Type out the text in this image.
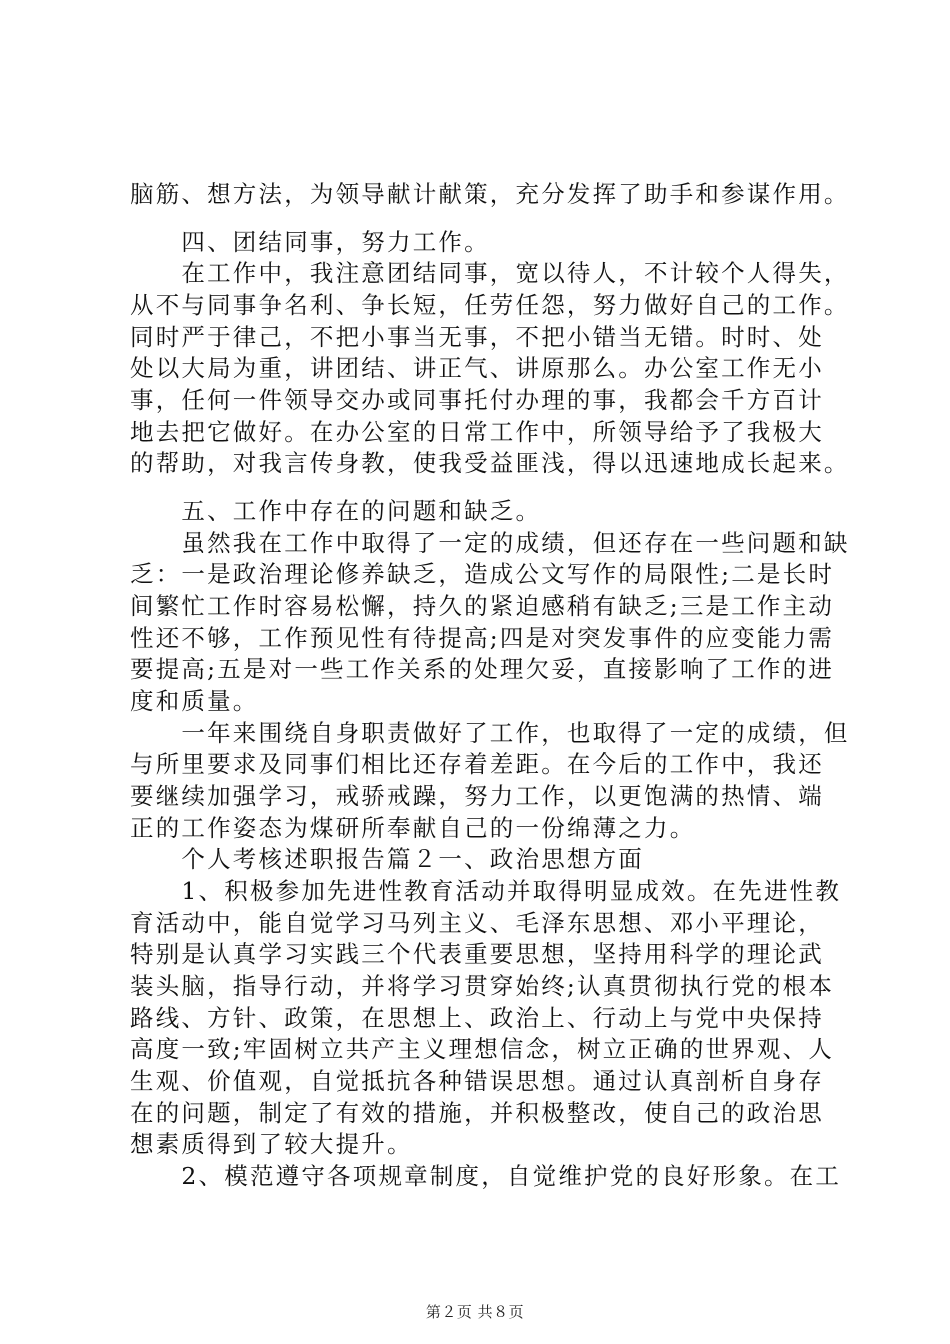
脑筋、想方法，为领导献计献策，充分发挥了助手和参谋作用。
　　四、团结同事，努力工作。
　　在工作中，我注意团结同事，宽以待人，不计较个人得失，
从不与同事争名利、争长短，任劳任怨，努力做好自己的工作。
同时严于律己，不把小事当无事，不把小错当无错。时时、处
处以大局为重，讲团结、讲正气、讲原那么。办公室工作无小
事，任何一件领导交办或同事托付办理的事，我都会千方百计
地去把它做好。在办公室的日常工作中，所领导给予了我极大
的帮助，对我言传身教，使我受益匪浅，得以迅速地成长起来。
　　五、工作中存在的问题和缺乏。
　　虽然我在工作中取得了一定的成绩，但还存在一些问题和缺
乏：一是政治理论修养缺乏，造成公文写作的局限性;二是长时
间繁忙工作时容易松懈，持久的紧迫感稍有缺乏;三是工作主动
性还不够，工作预见性有待提高;四是对突发事件的应变能力需
要提高;五是对一些工作关系的处理欠妥，直接影响了工作的进
度和质量。
　　一年来围绕自身职责做好了工作，也取得了一定的成绩，但
与所里要求及同事们相比还存着差距。在今后的工作中，我还
要继续加强学习，戒骄戒躁，努力工作，以更饱满的热情、端
正的工作姿态为煤研所奉献自己的一份绵薄之力。
　　个人考核述职报告篇２一、政治思想方面
　　1、积极参加先进性教育活动并取得明显成效。在先进性教
育活动中，能自觉学习马列主义、毛泽东思想、邓小平理论，
特别是认真学习实践三个代表重要思想，坚持用科学的理论武
装头脑，指导行动，并将学习贯穿始终;认真贯彻执行党的根本
路线、方针、政策，在思想上、政治上、行动上与党中央保持
高度一致;牢固树立共产主义理想信念，树立正确的世界观、人
生观、价值观，自觉抵抗各种错误思想。通过认真剖析自身存
在的问题，制定了有效的措施，并积极整改，使自己的政治思
想素质得到了较大提升。
　　2、模范遵守各项规章制度，自觉维护党的良好形象。在工
第２页 共８页
